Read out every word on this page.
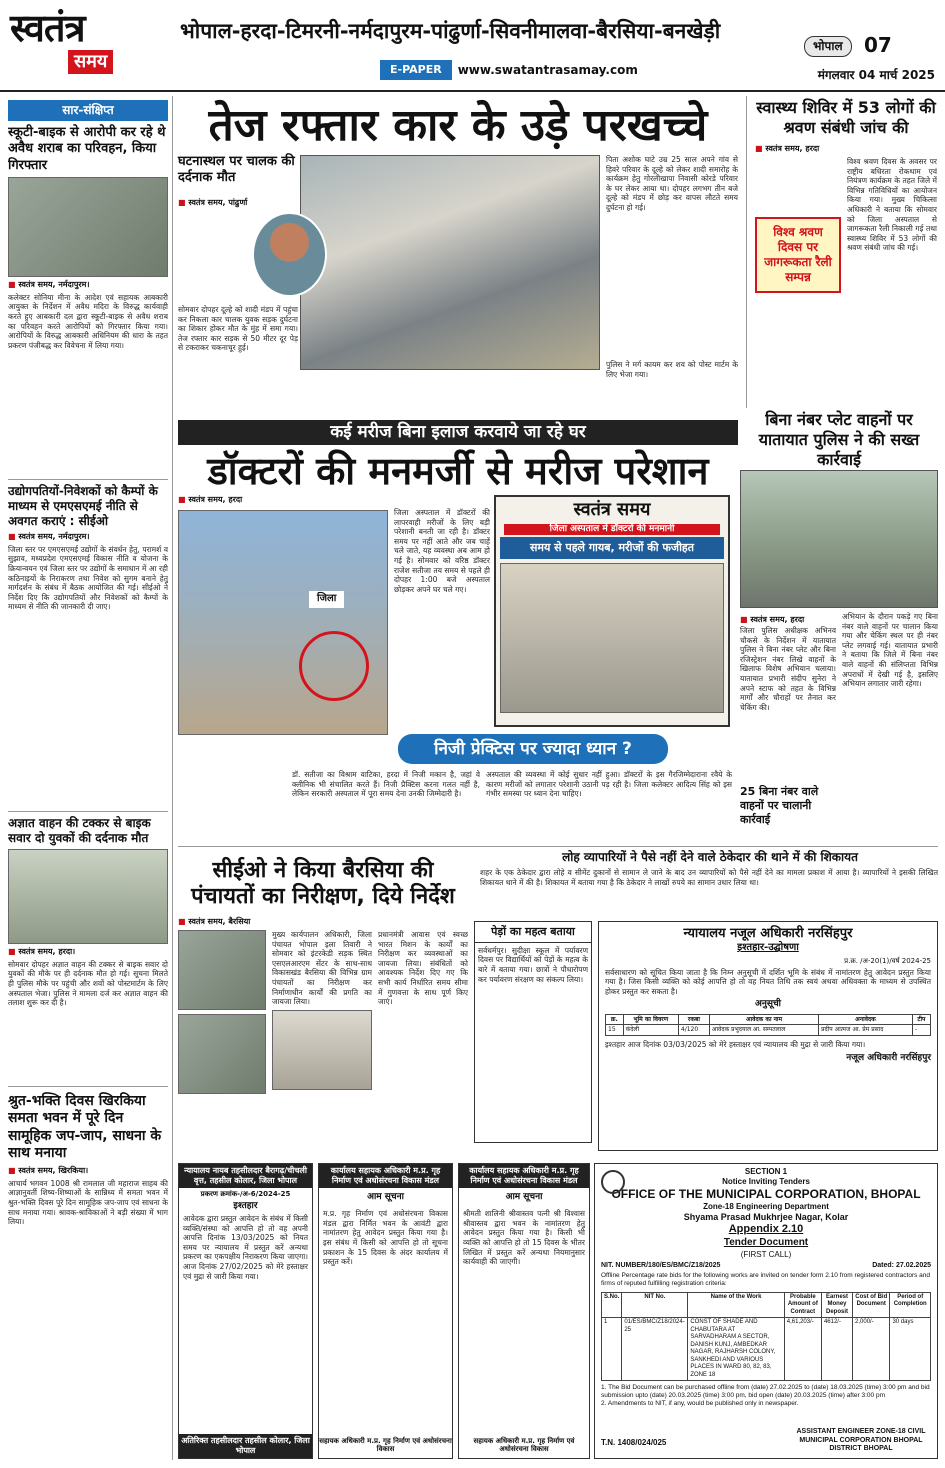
स्वतंत्र
समय
भोपाल-हरदा-टिमरनी-नर्मदापुरम-पांढुर्णा-सिवनीमालवा-बैरसिया-बनखेड़ी
E-PAPER	www.swatantrasamay.com
भोपाल	07
मंगलवार 04 मार्च 2025
सार-संक्षिप्त
स्कूटी-बाइक से आरोपी कर रहे थे अवैध शराब का परिवहन, किया गिरफ्तार
■ स्वतंत्र समय, नर्मदापुरम।
कलेक्टर सोनिया मीना के आदेश एवं सहायक आबकारी आयुक्त के निर्देशन में अवैध मदिरा के विरुद्ध कार्यवाही करते हुए आबकारी दल द्वारा स्कूटी-बाइक से अवैध शराब का परिवहन करते आरोपियों को गिरफ्तार किया गया। आरोपियों के विरुद्ध आबकारी अधिनियम की धारा के तहत प्रकरण पंजीबद्ध कर विवेचना में लिया गया।
उद्योगपतियों-निवेशकों को कैम्पों के माध्यम से एमएसएमई नीति से अवगत कराएं : सीईओ
■ स्वतंत्र समय, नर्मदापुरम।
जिला स्तर पर एमएसएमई उद्योगों के संवर्धन हेतु, परामर्श व सुझाव, मध्यप्रदेश एमएसएमई विकास नीति व योजना के क्रियान्वयन एवं जिला स्तर पर उद्योगों के समाधान में आ रही कठिनाइयों के निराकरण तथा निवेश को सुगम बनाने हेतु मार्गदर्शन के संबंध में बैठक आयोजित की गई। सीईओ ने निर्देश दिए कि उद्योगपतियों और निवेशकों को कैम्पों के माध्यम से नीति की जानकारी दी जाए।
अज्ञात वाहन की टक्कर से बाइक सवार दो युवकों की दर्दनाक मौत
■ स्वतंत्र समय, हरदा।
सोमवार दोपहर अज्ञात वाहन की टक्कर से बाइक सवार दो युवकों की मौके पर ही दर्दनाक मौत हो गई। सूचना मिलते ही पुलिस मौके पर पहुंची और शवों को पोस्टमार्टम के लिए अस्पताल भेजा। पुलिस ने मामला दर्ज कर अज्ञात वाहन की तलाश शुरू कर दी है।
श्रुत-भक्ति दिवस खिरकिया समता भवन में पूरे दिन सामूहिक जप-जाप, साधना के साथ मनाया
■ स्वतंत्र समय, खिरकिया।
आचार्य भगवन 1008 श्री रामलाल जी महाराज साहब की आज्ञानुवर्ती शिष्य-शिष्याओं के सान्निध्य में समता भवन में श्रुत-भक्ति दिवस पूरे दिन सामूहिक जप-जाप एवं साधना के साथ मनाया गया। श्रावक-श्राविकाओं ने बड़ी संख्या में भाग लिया।
तेज रफ्तार कार के उड़े परखच्चे
घटनास्थल पर चालक की दर्दनाक मौत
■ स्वतंत्र समय, पांढुर्णा
सोमवार दोपहर दूल्हे को शादी मंडप में पहुंचा कर निकला कार चालक युवक सड़क दुर्घटना का शिकार होकर मौत के मुंह में समा गया। तेज रफ्तार कार सड़क से 50 मीटर दूर पेड़ से टकराकर चकनाचूर हुई।
पिता अशोक घाटे उम्र 25 साल अपने गांव से हिवरे परिवार के दूल्हे को लेकर शादी समारोह के कार्यक्रम हेतु गोरलीखापा निवासी कोरडे परिवार के घर लेकर आया था। दोपहर लगभग तीन बजे दूल्हे को मंडप में छोड़ कर वापस लौटते समय दुर्घटना हो गई।
पुलिस ने मर्ग कायम कर शव को पोस्ट मार्टम के लिए भेजा गया।
स्वास्थ्य शिविर में 53 लोगों की श्रवण संबंधी जांच की
■ स्वतंत्र समय, हरदा
विश्व श्रवण दिवस पर जागरूकता रैली सम्पन्न
विश्व श्रवण दिवस के अवसर पर राष्ट्रीय बधिरता रोकथाम एवं नियंत्रण कार्यक्रम के तहत जिले में विभिन्न गतिविधियों का आयोजन किया गया। मुख्य चिकित्सा अधिकारी ने बताया कि सोमवार को जिला अस्पताल से जागरूकता रैली निकाली गई तथा स्वास्थ्य शिविर में 53 लोगों की श्रवण संबंधी जांच की गई।
कई मरीज बिना इलाज करवाये जा रहे घर
डॉक्टरों की मनमर्जी से मरीज परेशान
■ स्वतंत्र समय, हरदा
जिला
जिला अस्पताल में डॉक्टरों की लापरवाही मरीजों के लिए बड़ी परेशानी बनती जा रही है। डॉक्टर समय पर नहीं आते और जब चाहें चले जाते, यह व्यवस्था अब आम हो गई है। सोमवार को वरिष्ठ डॉक्टर राजेश सतीजा तय समय से पहले ही दोपहर 1:00 बजे अस्पताल छोड़कर अपने घर चले गए।
स्वतंत्र समय
जिला अस्पताल में डॉक्टरों की मनमानी
समय से पहले गायब, मरीजों की फजीहत
निजी प्रेक्टिस पर ज्यादा ध्यान ?
डॉ. सतीजा का विश्राम वाटिका, हरदा में निजी मकान है, जहां वे क्लीनिक भी संचालित करते हैं। निजी प्रैक्टिस करना गलत नहीं है, लेकिन सरकारी अस्पताल में पूरा समय देना उनकी जिम्मेदारी है।
अस्पताल की व्यवस्था में कोई सुधार नहीं हुआ। डॉक्टरों के इस गैरजिम्मेदाराना रवैये के कारण मरीजों को लगातार परेशानी उठानी पड़ रही है। जिला कलेक्टर आदित्य सिंह को इस गंभीर समस्या पर ध्यान देना चाहिए।
बिना नंबर प्लेट वाहनों पर यातायात पुलिस ने की सख्त कार्रवाई
■ स्वतंत्र समय, हरदा
जिला पुलिस अधीक्षक अभिनव चौकसे के निर्देशन में यातायात पुलिस ने बिना नंबर प्लेट और बिना रजिस्ट्रेशन नंबर लिखे वाहनों के खिलाफ विशेष अभियान चलाया। यातायात प्रभारी संदीप सुनेरा ने अपने स्टाफ को तहत के विभिन्न मार्गों और चौराहों पर तैनात कर चेकिंग की।
25 बिना नंबर वाले वाहनों पर चालानी कार्रवाई
अभियान के दौरान पकड़े गए बिना नंबर वाले वाहनों पर चालान किया गया और चेकिंग स्थल पर ही नंबर प्लेट लगवाई गई। यातायात प्रभारी ने बताया कि जिले में बिना नंबर वाले वाहनों की संलिप्तता विभिन्न अपराधों में देखी गई है, इसलिए अभियान लगातार जारी रहेगा।
सीईओ ने किया बैरसिया की पंचायतों का निरीक्षण, दिये निर्देश
■ स्वतंत्र समय, बैरसिया
मुख्य कार्यपालन अधिकारी, जिला पंचायत भोपाल इला तिवारी ने सोमवार को इंटरकेडी सड़क स्थित एसएलआरएम सेंटर के साथ-साथ विकासखंड बैरसिया की विभिन्न ग्राम पंचायतों का निरीक्षण कर निर्माणाधीन कार्यों की प्रगति का जायजा लिया।
प्रधानमंत्री आवास एवं स्वच्छ भारत मिशन के कार्यों का निरीक्षण कर व्यवस्थाओं का जायजा लिया। संबंधितों को आवश्यक निर्देश दिए गए कि सभी कार्य निर्धारित समय सीमा में गुणवत्ता के साथ पूर्ण किए जाएं।
लोह व्यापारियों ने पैसे नहीं देने वाले ठेकेदार की थाने में की शिकायत
शहर के एक ठेकेदार द्वारा लोहे व सीमेंट दुकानों से सामान ले जाने के बाद उन व्यापारियों को पैसे नहीं देने का मामला प्रकाश में आया है। व्यापारियों ने इसकी लिखित शिकायत थाने में की है। शिकायत में बताया गया है कि ठेकेदार ने लाखों रुपये का सामान उधार लिया था।
पेड़ों का महत्व बताया
सर्वधर्मपुर। सुदीक्षा स्कूल में पर्यावरण दिवस पर विद्यार्थियों को पेड़ों के महत्व के बारे में बताया गया। छात्रों ने पौधारोपण कर पर्यावरण संरक्षण का संकल्प लिया।
न्यायालय नजूल अधिकारी नरसिंहपुर
इश्तहार-उद्घोषणा
प्र.क्र. /अ-20(1)/वर्ष 2024-25
सर्वसाधारण को सूचित किया जाता है कि निम्न अनुसूची में दर्शित भूमि के संबंध में नामांतरण हेतु आवेदन प्रस्तुत किया गया है। जिस किसी व्यक्ति को कोई आपत्ति हो तो वह नियत तिथि तक स्वयं अथवा अधिवक्ता के माध्यम से उपस्थित होकर प्रस्तुत कर सकता है।
अनुसूची
क्र.	भूमि का विवरण	रकबा	आवेदक का नाम	अनावेदक	टीप
15	कंदेली	4/120	आवेदक प्रभुदयाल आ. सम्पतलाल	प्रदीप आत्मज आ. प्रेम प्रसाद	-
इश्तहार आज दिनांक 03/03/2025 को मेरे हस्ताक्षर एवं न्यायालय की मुद्रा से जारी किया गया।
नजूल अधिकारी नरसिंहपुर
न्यायालय नायब तहसीलदार बैरागढ़/चीचली वृत्त, तहसील कोलार, जिला भोपाल
प्रकरण क्रमांक-/अ-6/2024-25
इश्तहार
आवेदक द्वारा प्रस्तुत आवेदन के संबंध में किसी व्यक्ति/संस्था को आपत्ति हो तो वह अपनी आपत्ति दिनांक 13/03/2025 को नियत समय पर न्यायालय में प्रस्तुत करें अन्यथा प्रकरण का एकपक्षीय निराकरण किया जाएगा। आज दिनांक 27/02/2025 को मेरे हस्ताक्षर एवं मुद्रा से जारी किया गया।
अतिरिक्त तहसीलदार तहसील कोलार, जिला भोपाल
कार्यालय सहायक अधिकारी म.प्र. गृह निर्माण एवं अधोसंरचना विकास मंडल
आम सूचना
म.प्र. गृह निर्माण एवं अधोसंरचना विकास मंडल द्वारा निर्मित भवन के आवंटी द्वारा नामांतरण हेतु आवेदन प्रस्तुत किया गया है। इस संबंध में किसी को आपत्ति हो तो सूचना प्रकाशन के 15 दिवस के अंदर कार्यालय में प्रस्तुत करें।
सहायक अधिकारी म.प्र. गृह निर्माण एवं अधोसंरचना विकास
कार्यालय सहायक अधिकारी म.प्र. गृह निर्माण एवं अधोसंरचना विकास मंडल
आम सूचना
श्रीमती शालिनी श्रीवास्तव पत्नी श्री विश्वास श्रीवास्तव द्वारा भवन के नामांतरण हेतु आवेदन प्रस्तुत किया गया है। किसी भी व्यक्ति को आपत्ति हो तो 15 दिवस के भीतर लिखित में प्रस्तुत करें अन्यथा नियमानुसार कार्यवाही की जाएगी।
सहायक अधिकारी म.प्र. गृह निर्माण एवं अधोसंरचना विकास
SECTION 1
Notice Inviting Tenders
OFFICE OF THE MUNICIPAL CORPORATION, BHOPAL
Zone-18 Engineering Department
Shyama Prasad Mukhrjee Nagar, Kolar
Appendix 2.10
Tender Document
(FIRST CALL)
NIT. NUMBER/180/ES/BMC/Z18/2025	Dated: 27.02.2025
Offline Percentage rate bids for the following works are invited on tender form 2.10 from registered contractors and firms of reputed fulfilling registration criteria:
S.No.	NIT No.	Name of the Work	Probable Amount of Contract	Earnest Money Deposit	Cost of Bid Document	Period of Completion
1	01/ES/BMC/Z18/2024-25	CONST OF SHADE AND CHABUTARA AT SARVADHARAM A SECTOR, DANISH KUNJ, AMBEDKAR NAGAR, RAJHARSH COLONY, SANKHEDI AND VARIOUS PLACES IN WARD 80, 82, 83, ZONE 18	4,61,203/-	4612/-	2,000/-	30 days
1. The Bid Document can be purchased offline from (date) 27.02.2025 to (date) 18.03.2025 (time) 3:00 pm and bid submission upto (date) 20.03.2025 (time) 3:00 pm, bid open (date) 20.03.2025 (time) after 3:00 pm
2. Amendments to NIT, if any, would be published only in newspaper.
T.N. 1408/024/025
ASSISTANT ENGINEER ZONE-18 CIVIL MUNICIPAL CORPORATION BHOPAL DISTRICT BHOPAL
